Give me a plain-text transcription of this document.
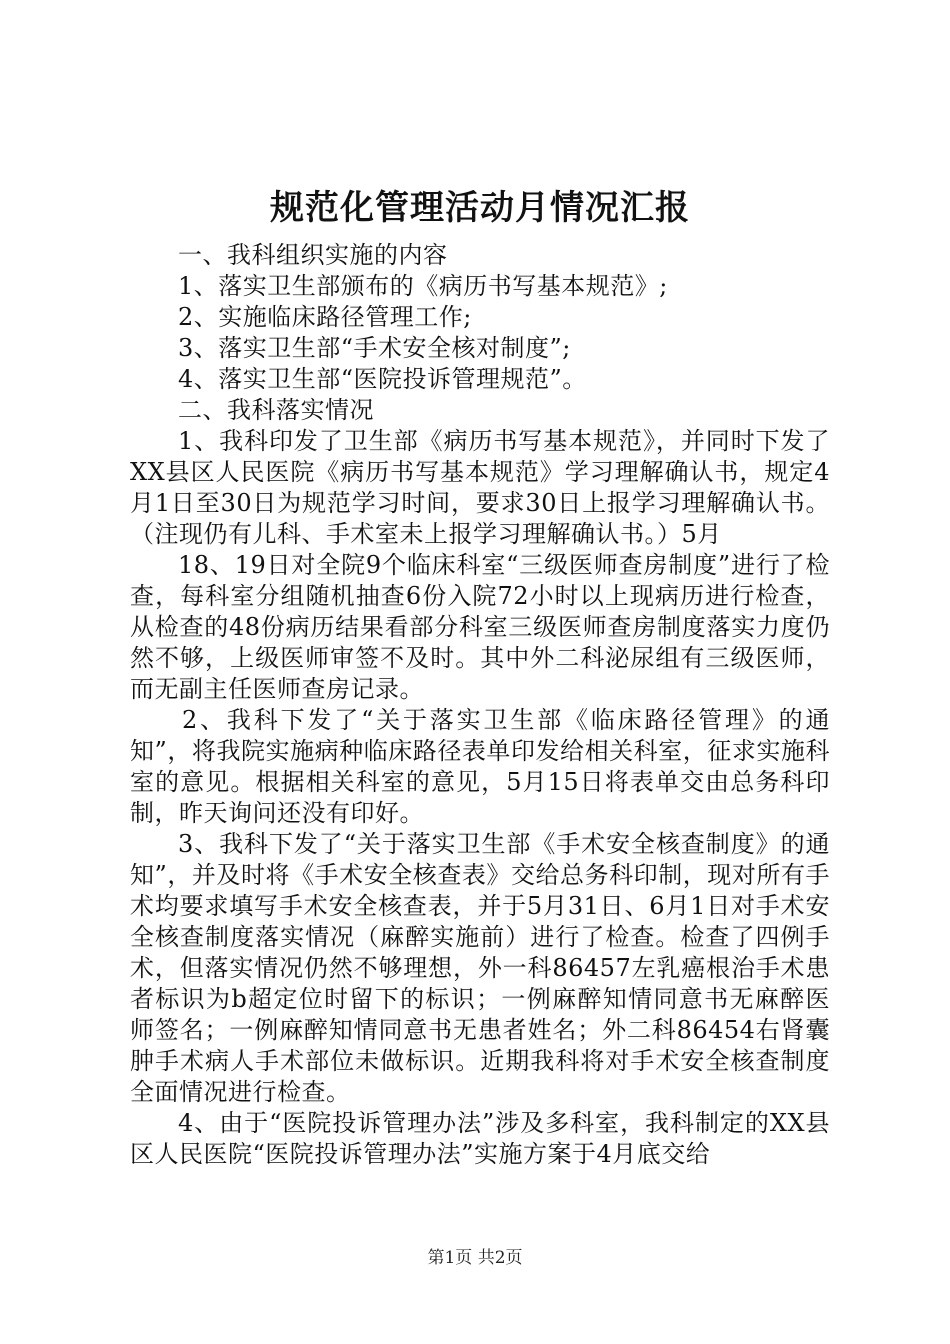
规范化管理活动月情况汇报

一、我科组织实施的内容

1、落实卫生部颁布的《病历书写基本规范》;

2、实施临床路径管理工作;

3、落实卫生部“手术安全核对制度”;

4、落实卫生部“医院投诉管理规范”。

二、我科落实情况

1、我科印发了卫生部《病历书写基本规范》，并同时下发了XX县区人民医院《病历书写基本规范》学习理解确认书，规定4月1日至30日为规范学习时间，要求30日上报学习理解确认书。（注现仍有儿科、手术室未上报学习理解确认书。）5月

18、19日对全院9个临床科室“三级医师查房制度”进行了检查，每科室分组随机抽查6份入院72小时以上现病历进行检查，从检查的48份病历结果看部分科室三级医师查房制度落实力度仍然不够，上级医师审签不及时。其中外二科泌尿组有三级医师，而无副主任医师查房记录。

2、我科下发了“关于落实卫生部《临床路径管理》的通知”，将我院实施病种临床路径表单印发给相关科室，征求实施科室的意见。根据相关科室的意见，5月15日将表单交由总务科印制，昨天询问还没有印好。

3、我科下发了“关于落实卫生部《手术安全核查制度》的通知”，并及时将《手术安全核查表》交给总务科印制，现对所有手术均要求填写手术安全核查表，并于5月31日、6月1日对手术安全核查制度落实情况（麻醉实施前）进行了检查。检查了四例手术，但落实情况仍然不够理想，外一科86457左乳癌根治手术患者标识为b超定位时留下的标识；一例麻醉知情同意书无麻醉医师签名；一例麻醉知情同意书无患者姓名；外二科86454右肾囊肿手术病人手术部位未做标识。近期我科将对手术安全核查制度全面情况进行检查。

4、由于“医院投诉管理办法”涉及多科室，我科制定的XX县区人民医院“医院投诉管理办法”实施方案于4月底交给

第1页 共2页
